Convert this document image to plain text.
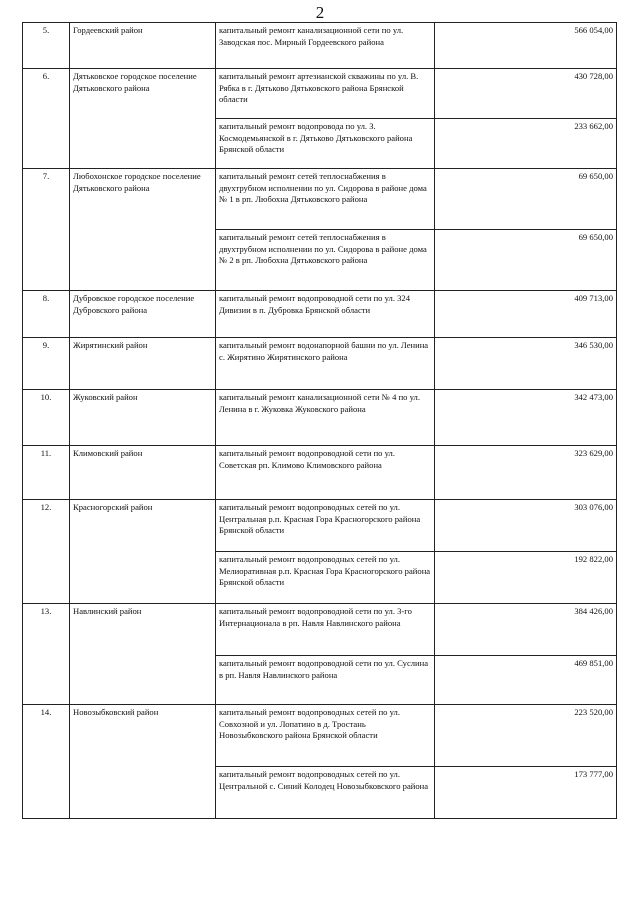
2
5.	Гордеевский район	капитальный ремонт канализационной сети по ул. Заводская пос. Мирный Гордеевского района	566 054,00
6.	Дятьковское городское поселение Дятьковского района	капитальный ремонт артезианской скважины по ул. В. Рябка в г. Дятьково Дятьковского района Брянской области	430 728,00
		капитальный ремонт водопровода по ул. З. Космодемьянской в г. Дятьково Дятьковского района Брянской области	233 662,00
7.	Любохонское городское поселение Дятьковского района	капитальный ремонт сетей теплоснабжения в двухтрубном исполнении по ул. Сидорова в районе дома № 1 в рп. Любохна Дятьковского района	69 650,00
		капитальный ремонт сетей теплоснабжения в двухтрубном исполнении по ул. Сидорова в районе дома № 2 в рп. Любохна Дятьковского района	69 650,00
8.	Дубровское городское поселение Дубровского района	капитальный ремонт водопроводной сети по ул. 324 Дивизии в п. Дубровка Брянской области	409 713,00
9.	Жирятинский район	капитальный ремонт водонапорной башни по ул. Ленина с. Жирятино Жирятинского района	346 530,00
10.	Жуковский район	капитальный ремонт канализационной сети № 4 по ул. Ленина в г. Жуковка Жуковского района	342 473,00
11.	Климовский район	капитальный ремонт водопроводной сети по ул. Советская рп. Климово Климовского района	323 629,00
12.	Красногорский район	капитальный ремонт водопроводных сетей по ул. Центральная р.п. Красная Гора Красногорского района Брянской области	303 076,00
		капитальный ремонт водопроводных сетей по ул. Мелиоративная р.п. Красная Гора Красногорского района Брянской области	192 822,00
13.	Навлинский район	капитальный ремонт водопроводной сети по ул. 3-го Интернационала в рп. Навля Навлинского района	384 426,00
		капитальный ремонт водопроводной сети по ул. Суслина в рп. Навля Навлинского района	469 851,00
14.	Новозыбковский район	капитальный ремонт водопроводных сетей по ул. Совхозной и ул. Лопатино в д. Тростань Новозыбковского района Брянской области	223 520,00
		капитальный ремонт водопроводных сетей по ул. Центральной с. Синий Колодец Новозыбковского района	173 777,00
